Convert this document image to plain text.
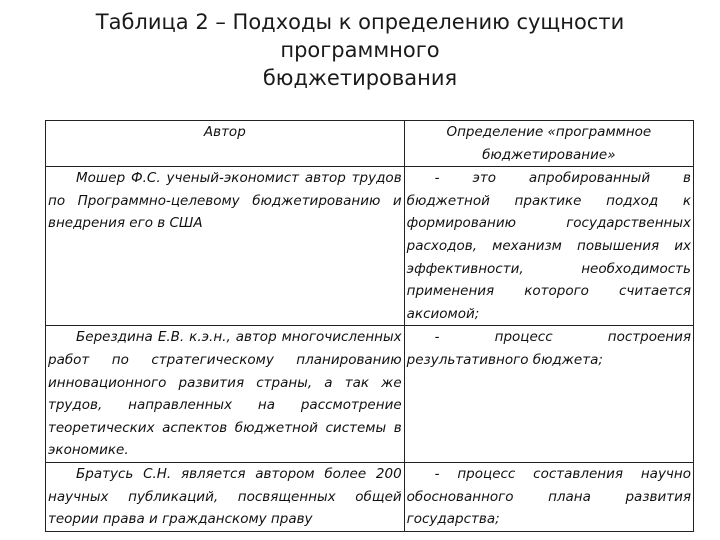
Таблица 2 – Подходы к определению сущности
программного
бюджетирования
Автор	Определение «программное бюджетирование»
Мошер Ф.С. ученый-экономист автор трудов по Программно-целевому бюджетированию и внедрения его в США	- это апробированный в бюджетной практике подход к формированию государственных расходов, механизм повышения их эффективности, необходимость применения которого считается аксиомой;
Берездина Е.В. к.э.н., автор многочисленных работ по стратегическому планированию инновационного развития страны, а так же трудов, направленных на рассмотрение теоретических аспектов бюджетной системы в экономике.	- процесс построения результативного бюджета;
Братусь С.Н. является автором более 200 научных публикаций, посвященных общей теории права и гражданскому праву	- процесс составления научно обоснованного плана развития государства;
